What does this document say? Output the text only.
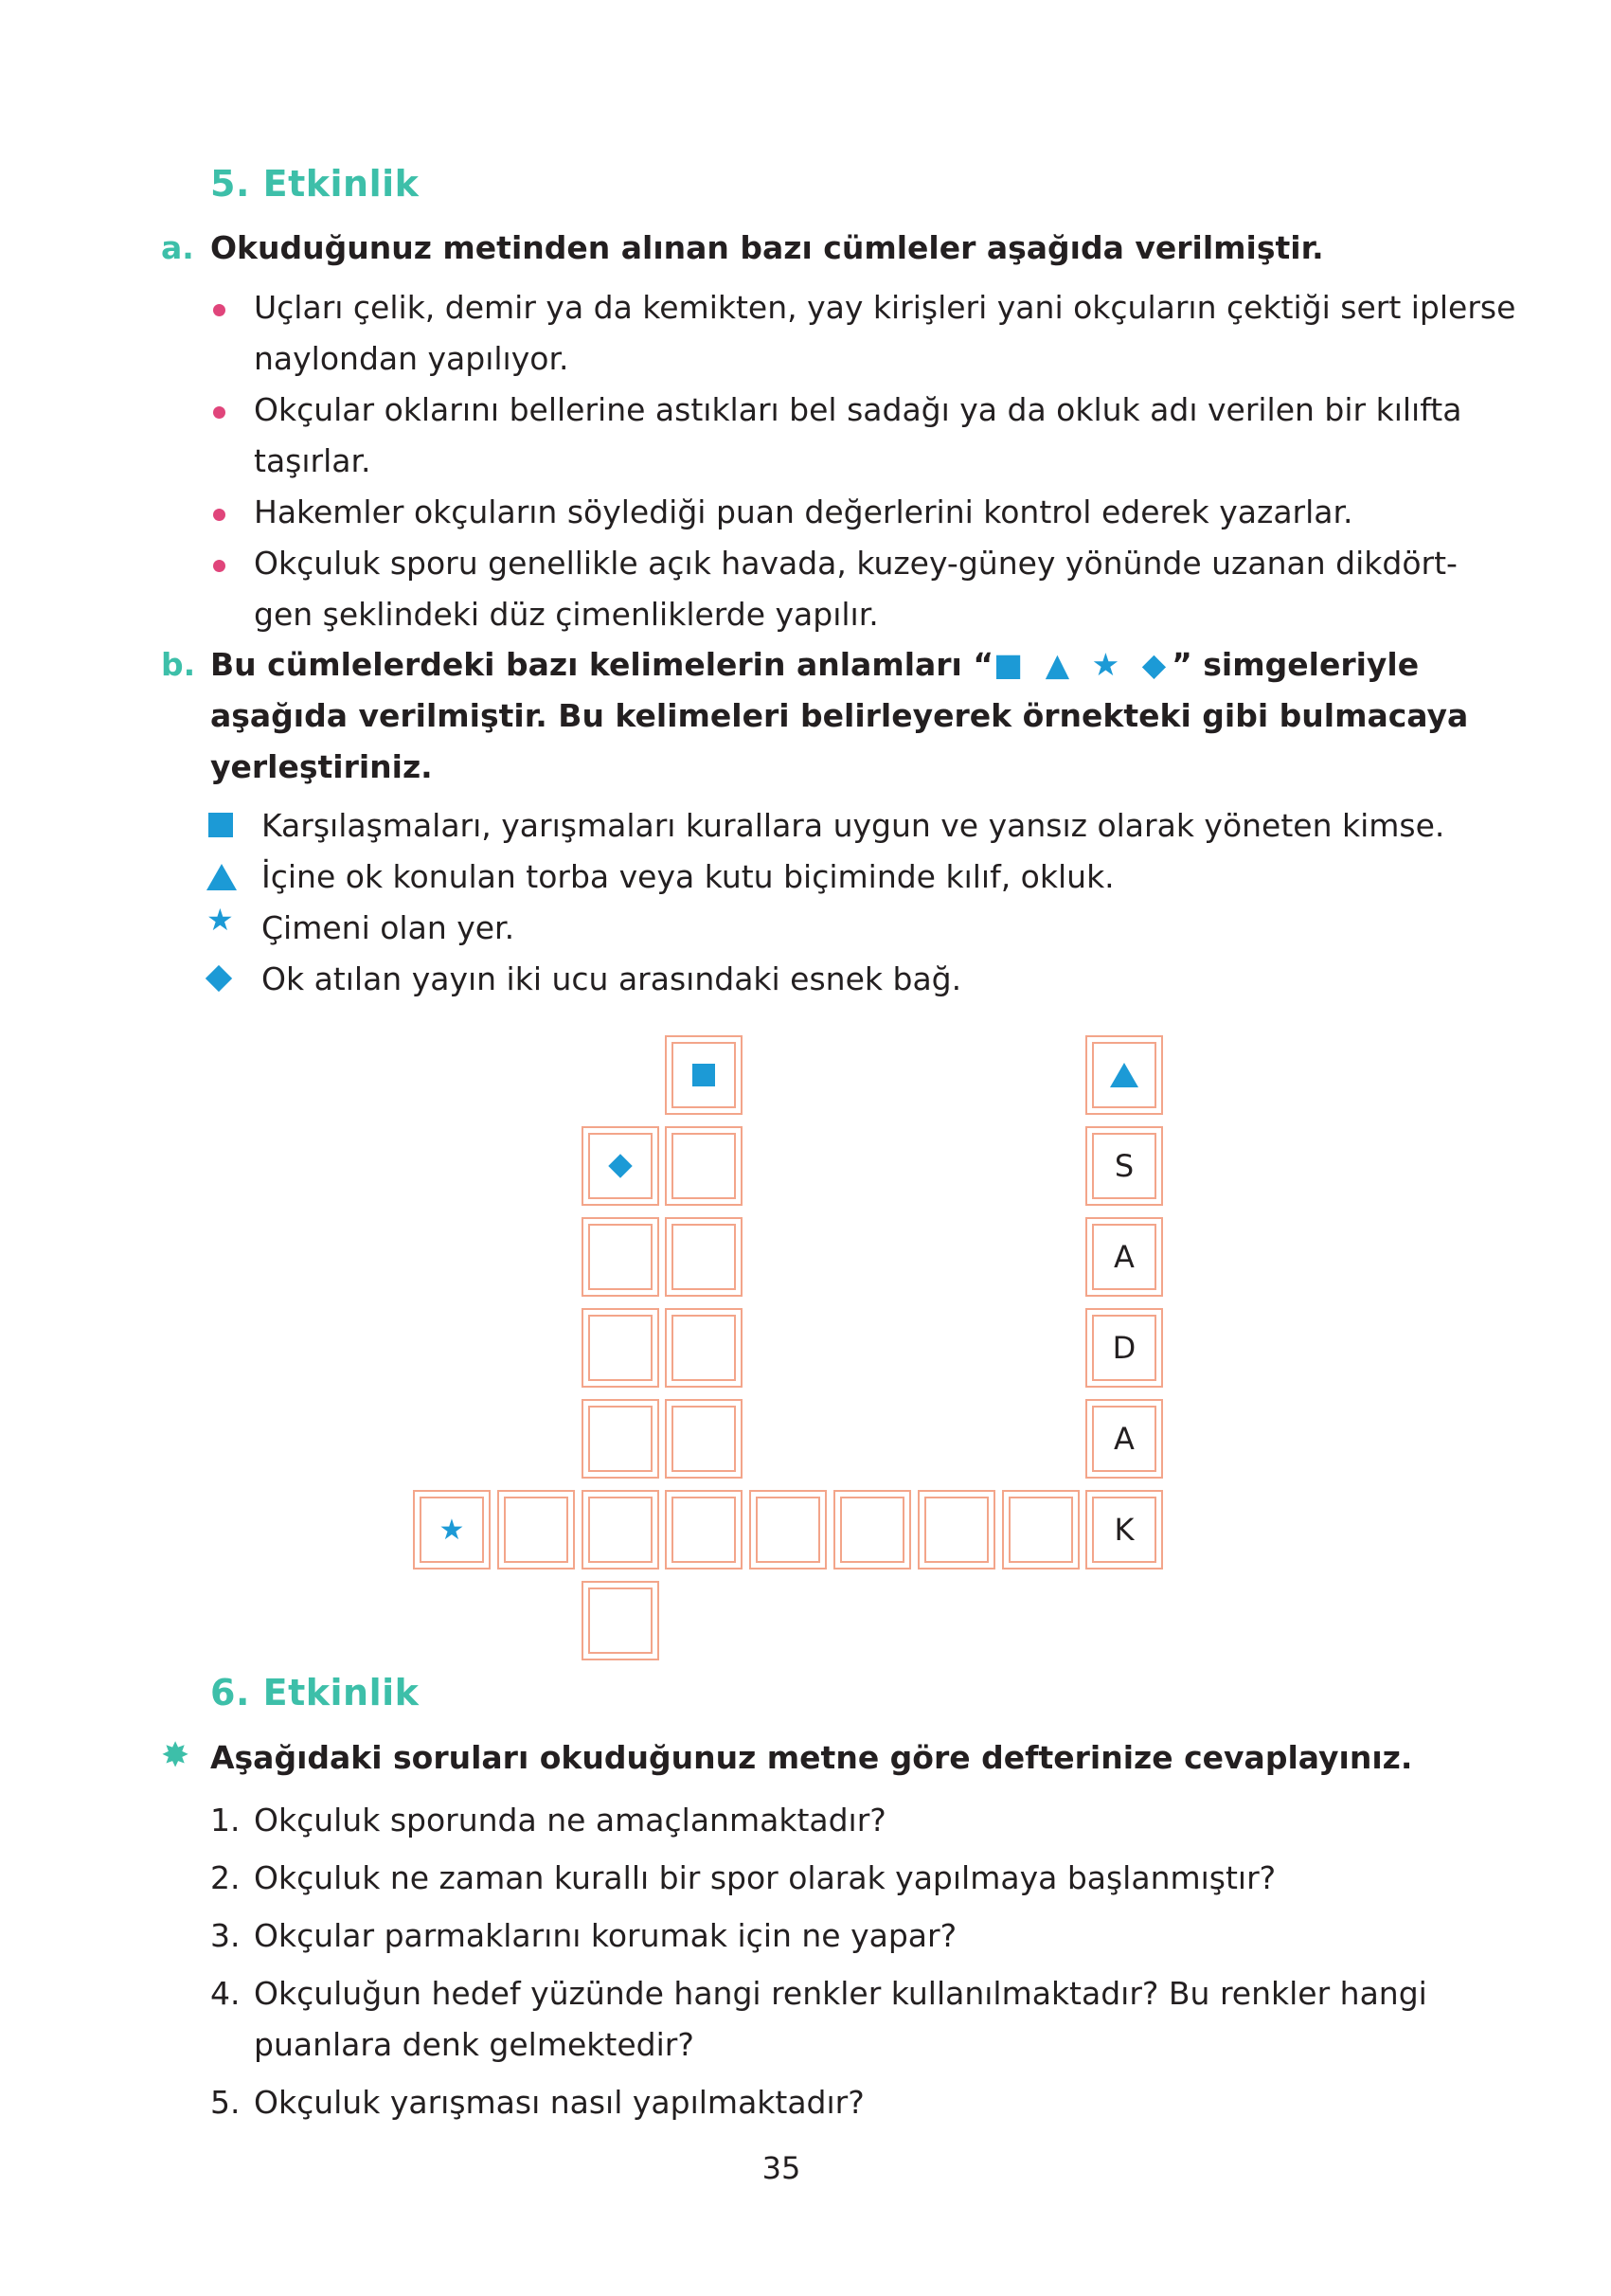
5. Etkinlik
a. Okuduğunuz metinden alınan bazı cümleler aşağıda verilmiştir.
Uçları çelik, demir ya da kemikten, yay kirişleri yani okçuların çektiği sert iplerse
naylondan yapılıyor.
Okçular oklarını bellerine astıkları bel sadağı ya da okluk adı verilen bir kılıfta
taşırlar.
Hakemler okçuların söylediği puan değerlerini kontrol ederek yazarlar.
Okçuluk sporu genellikle açık havada, kuzey-güney yönünde uzanan dikdört-
gen şeklindeki düz çimenliklerde yapılır.
b. Bu cümlelerdeki bazı kelimelerin anlamları “■ ▲ ★ ◆” simgeleriyle
aşağıda verilmiştir. Bu kelimeleri belirleyerek örnekteki gibi bulmacaya
yerleştiriniz.
Karşılaşmaları, yarışmaları kurallara uygun ve yansız olarak yöneten kimse.
İçine ok konulan torba veya kutu biçiminde kılıf, okluk.
★ Çimeni olan yer.
Ok atılan yayın iki ucu arasındaki esnek bağ.
★
S
A
D
A
K
6. Etkinlik
✸ Aşağıdaki soruları okuduğunuz metne göre defterinize cevaplayınız.
1. Okçuluk sporunda ne amaçlanmaktadır?
2. Okçuluk ne zaman kurallı bir spor olarak yapılmaya başlanmıştır?
3. Okçular parmaklarını korumak için ne yapar?
4. Okçuluğun hedef yüzünde hangi renkler kullanılmaktadır? Bu renkler hangi
puanlara denk gelmektedir?
5. Okçuluk yarışması nasıl yapılmaktadır?
35
